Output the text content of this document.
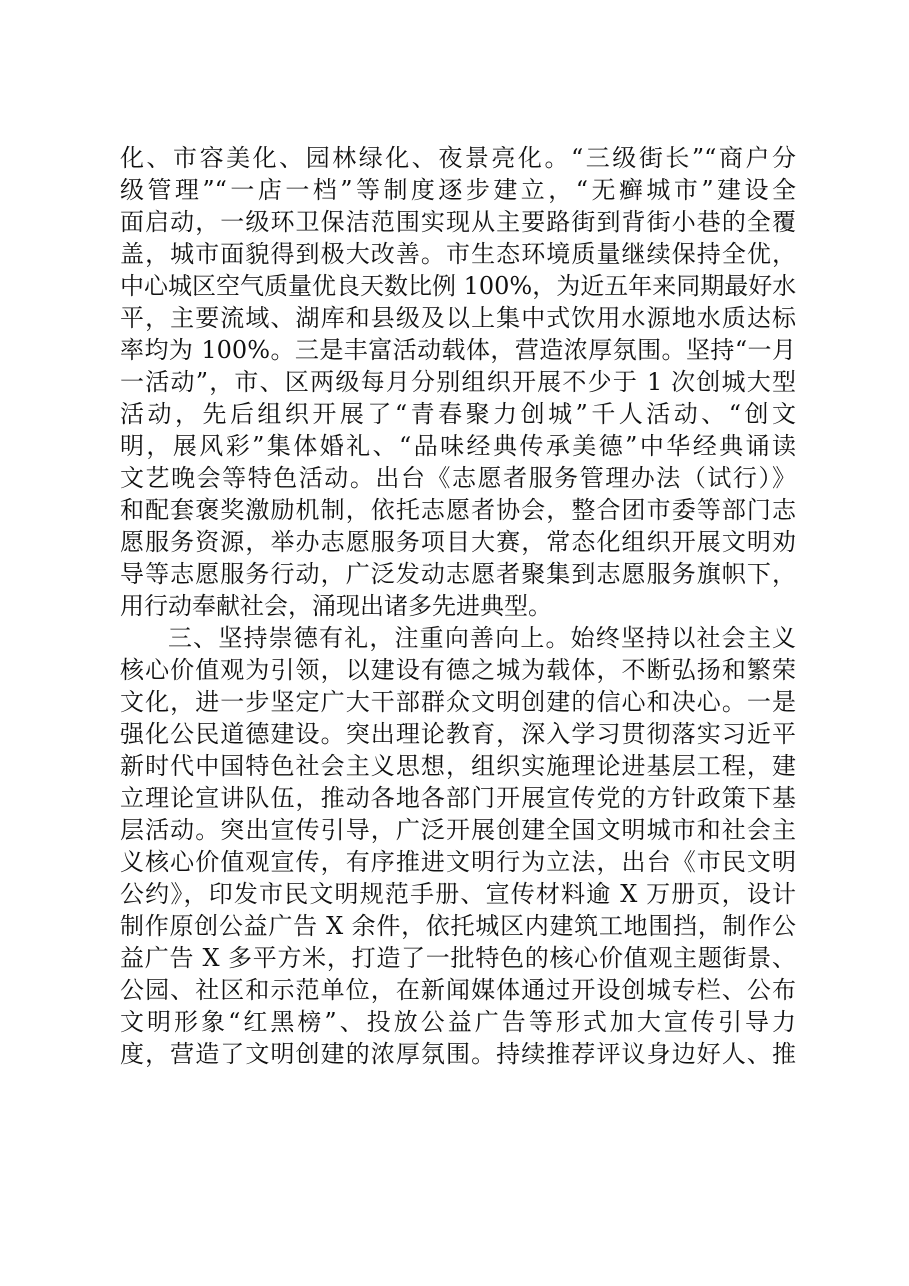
化、市容美化、园林绿化、夜景亮化。“三级街长”“商户分
级管理”“一店一档”等制度逐步建立，“无癣城市”建设全
面启动，一级环卫保洁范围实现从主要路街到背街小巷的全覆
盖，城市面貌得到极大改善。市生态环境质量继续保持全优，
中心城区空气质量优良天数比例 100%，为近五年来同期最好水
平，主要流域、湖库和县级及以上集中式饮用水源地水质达标
率均为 100%。三是丰富活动载体，营造浓厚氛围。坚持“一月
一活动”，市、区两级每月分别组织开展不少于 1 次创城大型
活动，先后组织开展了“青春聚力创城”千人活动、“创文
明，展风彩”集体婚礼、“品味经典传承美德”中华经典诵读
文艺晚会等特色活动。出台《志愿者服务管理办法（试行）》
和配套褒奖激励机制，依托志愿者协会，整合团市委等部门志
愿服务资源，举办志愿服务项目大赛，常态化组织开展文明劝
导等志愿服务行动，广泛发动志愿者聚集到志愿服务旗帜下，
用行动奉献社会，涌现出诸多先进典型。
三、坚持崇德有礼，注重向善向上。始终坚持以社会主义
核心价值观为引领，以建设有德之城为载体，不断弘扬和繁荣
文化，进一步坚定广大干部群众文明创建的信心和决心。一是
强化公民道德建设。突出理论教育，深入学习贯彻落实习近平
新时代中国特色社会主义思想，组织实施理论进基层工程，建
立理论宣讲队伍，推动各地各部门开展宣传党的方针政策下基
层活动。突出宣传引导，广泛开展创建全国文明城市和社会主
义核心价值观宣传，有序推进文明行为立法，出台《市民文明
公约》，印发市民文明规范手册、宣传材料逾 X 万册页，设计
制作原创公益广告 X 余件，依托城区内建筑工地围挡，制作公
益广告 X 多平方米，打造了一批特色的核心价值观主题街景、
公园、社区和示范单位，在新闻媒体通过开设创城专栏、公布
文明形象“红黑榜”、投放公益广告等形式加大宣传引导力
度，营造了文明创建的浓厚氛围。持续推荐评议身边好人、推
